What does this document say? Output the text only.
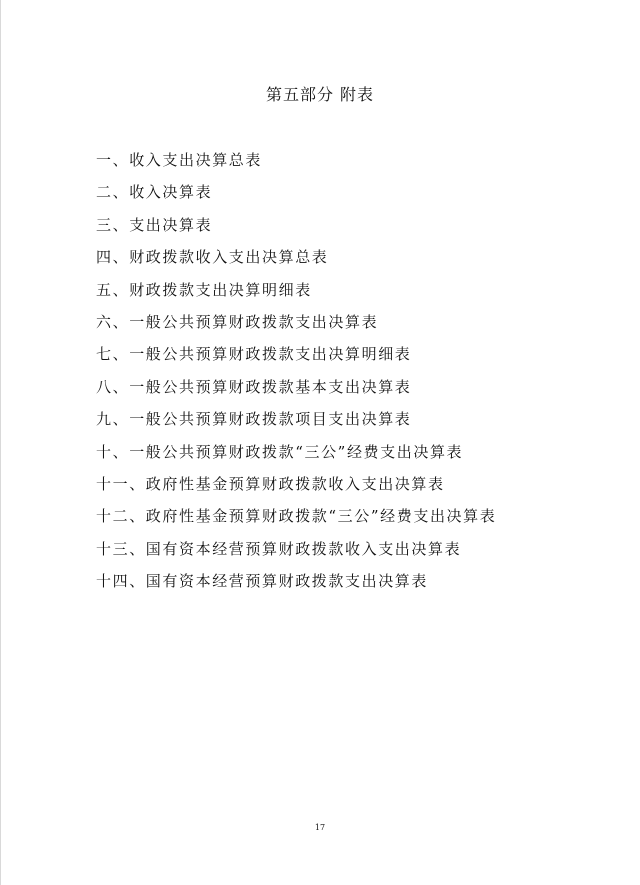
第五部分 附表
一、收入支出决算总表
二、收入决算表
三、支出决算表
四、财政拨款收入支出决算总表
五、财政拨款支出决算明细表
六、一般公共预算财政拨款支出决算表
七、一般公共预算财政拨款支出决算明细表
八、一般公共预算财政拨款基本支出决算表
九、一般公共预算财政拨款项目支出决算表
十、一般公共预算财政拨款“三公”经费支出决算表
十一、政府性基金预算财政拨款收入支出决算表
十二、政府性基金预算财政拨款“三公”经费支出决算表
十三、国有资本经营预算财政拨款收入支出决算表
十四、国有资本经营预算财政拨款支出决算表
17
